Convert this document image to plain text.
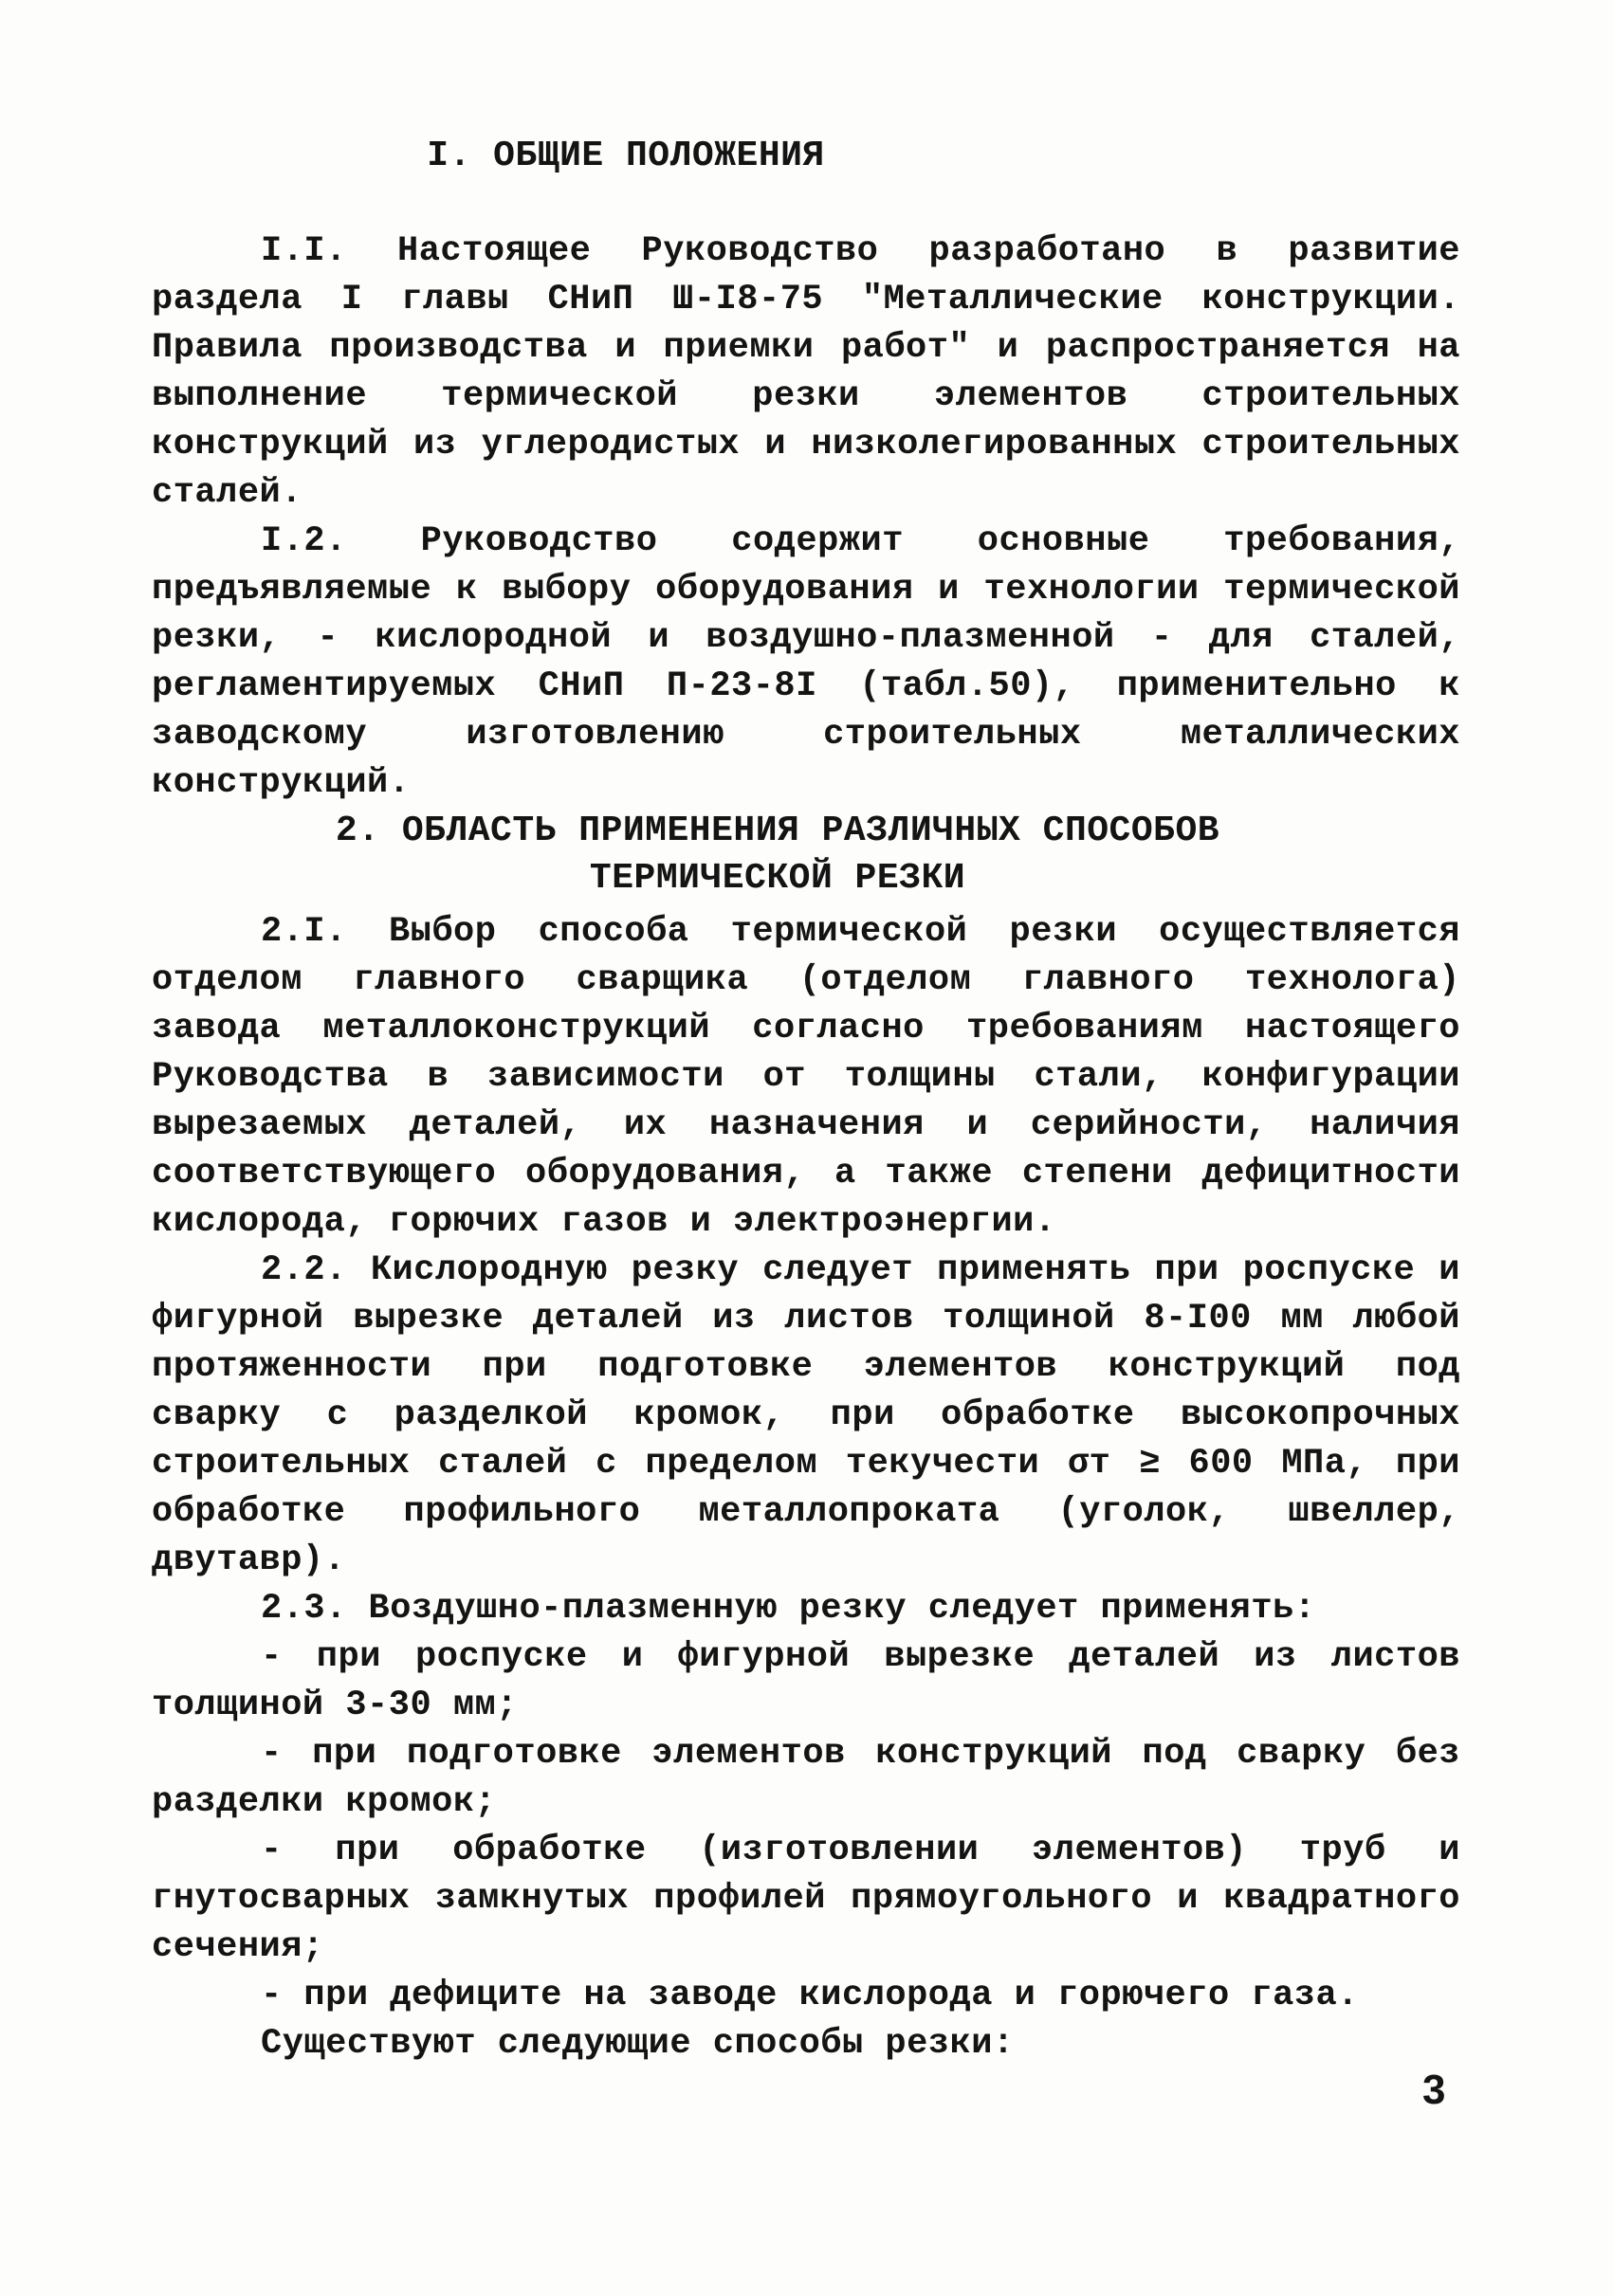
I. ОБЩИЕ ПОЛОЖЕНИЯ

I.I. Настоящее Руководство разработано в развитие раздела I главы СНиП Ш-I8-75 "Металлические конструкции. Правила производства и приемки работ" и распространяется на выполнение термической резки элементов строительных конструкций из углеродистых и низколегированных строительных сталей.

I.2. Руководство содержит основные требования, предъявляемые к выбору оборудования и технологии термической резки, - кислородной и воздушно-плазменной - для сталей, регламентируемых СНиП П-23-8I (табл.50), применительно к заводскому изготовлению строительных металлических конструкций.

2. ОБЛАСТЬ ПРИМЕНЕНИЯ РАЗЛИЧНЫХ СПОСОБОВ
ТЕРМИЧЕСКОЙ РЕЗКИ

2.I. Выбор способа термической резки осуществляется отделом главного сварщика (отделом главного технолога) завода металлоконструкций согласно требованиям настоящего Руководства в зависимости от толщины стали, конфигурации вырезаемых деталей, их назначения и серийности, наличия соответствующего оборудования, а также степени дефицитности кислорода, горючих газов и электроэнергии.

2.2. Кислородную резку следует применять при роспуске и фигурной вырезке деталей из листов толщиной 8-I00 мм любой протяженности при подготовке элементов конструкций под сварку с разделкой кромок, при обработке высокопрочных строительных сталей с пределом текучести σт ≥ 600 МПа, при обработке профильного металлопроката (уголок, швеллер, двутавр).

2.3. Воздушно-плазменную резку следует применять:

- при роспуске и фигурной вырезке деталей из листов толщиной 3-30 мм;

- при подготовке элементов конструкций под сварку без разделки кромок;

- при обработке (изготовлении элементов) труб и гнутосварных замкнутых профилей прямоугольного и квадратного сечения;

- при дефиците на заводе кислорода и горючего газа.

Существуют следующие способы резки:

3
